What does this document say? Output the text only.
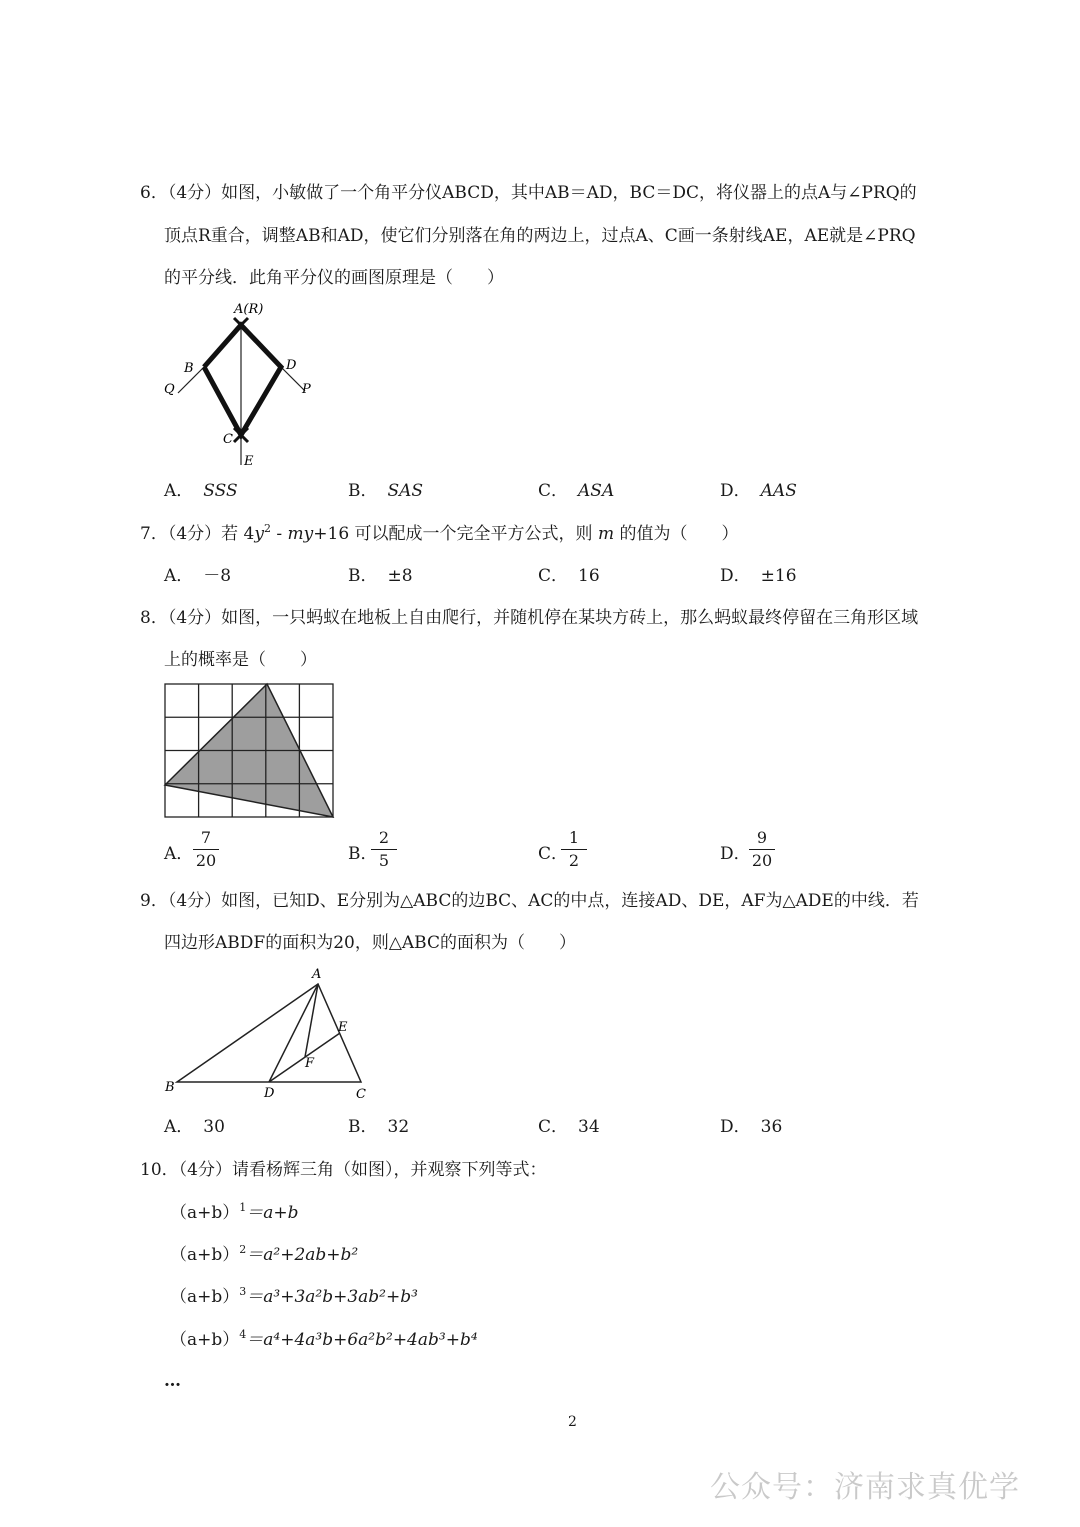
6．（4分）如图，小敏做了一个角平分仪ABCD，其中AB＝AD，BC＝DC，将仪器上的点A与∠PRQ的
顶点R重合，调整AB和AD，使它们分别落在角的两边上，过点A、C画一条射线AE，AE就是∠PRQ
的平分线．此角平分仪的画图原理是（　　）
A(R)
B	D
Q	P
C
E
A． SSS	B． SAS	C． ASA	D． AAS
7．（4分）若 $4y^2 - my+16$ 可以配成一个完全平方公式，则 m 的值为（　　）
A． －8	B． ±8	C． 16	D． ±16
8．（4分）如图，一只蚂蚁在地板上自由爬行，并随机停在某块方砖上，那么蚂蚁最终停留在三角形区域
上的概率是（　　）
A．
7
20	B．
2
5	C．
1
2	D．
9
20
9．（4分）如图，已知D、E分别为△ABC的边BC、AC的中点，连接AD、DE，AF为△ADE的中线．若
四边形ABDF的面积为20，则△ABC的面积为（　　）
A
B	C
D
E
F
A． 30	B． 32	C． 34	D． 36
10．（4分）请看杨辉三角（如图），并观察下列等式：
$(a+b)^1=a+b$
$(a+b)^2=a^2+2ab+b^2$
$(a+b)^3=a^3+3a^2b+3ab^2+b^3$
$(a+b)^4=a^4+4a^3b+6a^2b^2+4ab^3+b^4$
…
2
公众号：济南求真优学
